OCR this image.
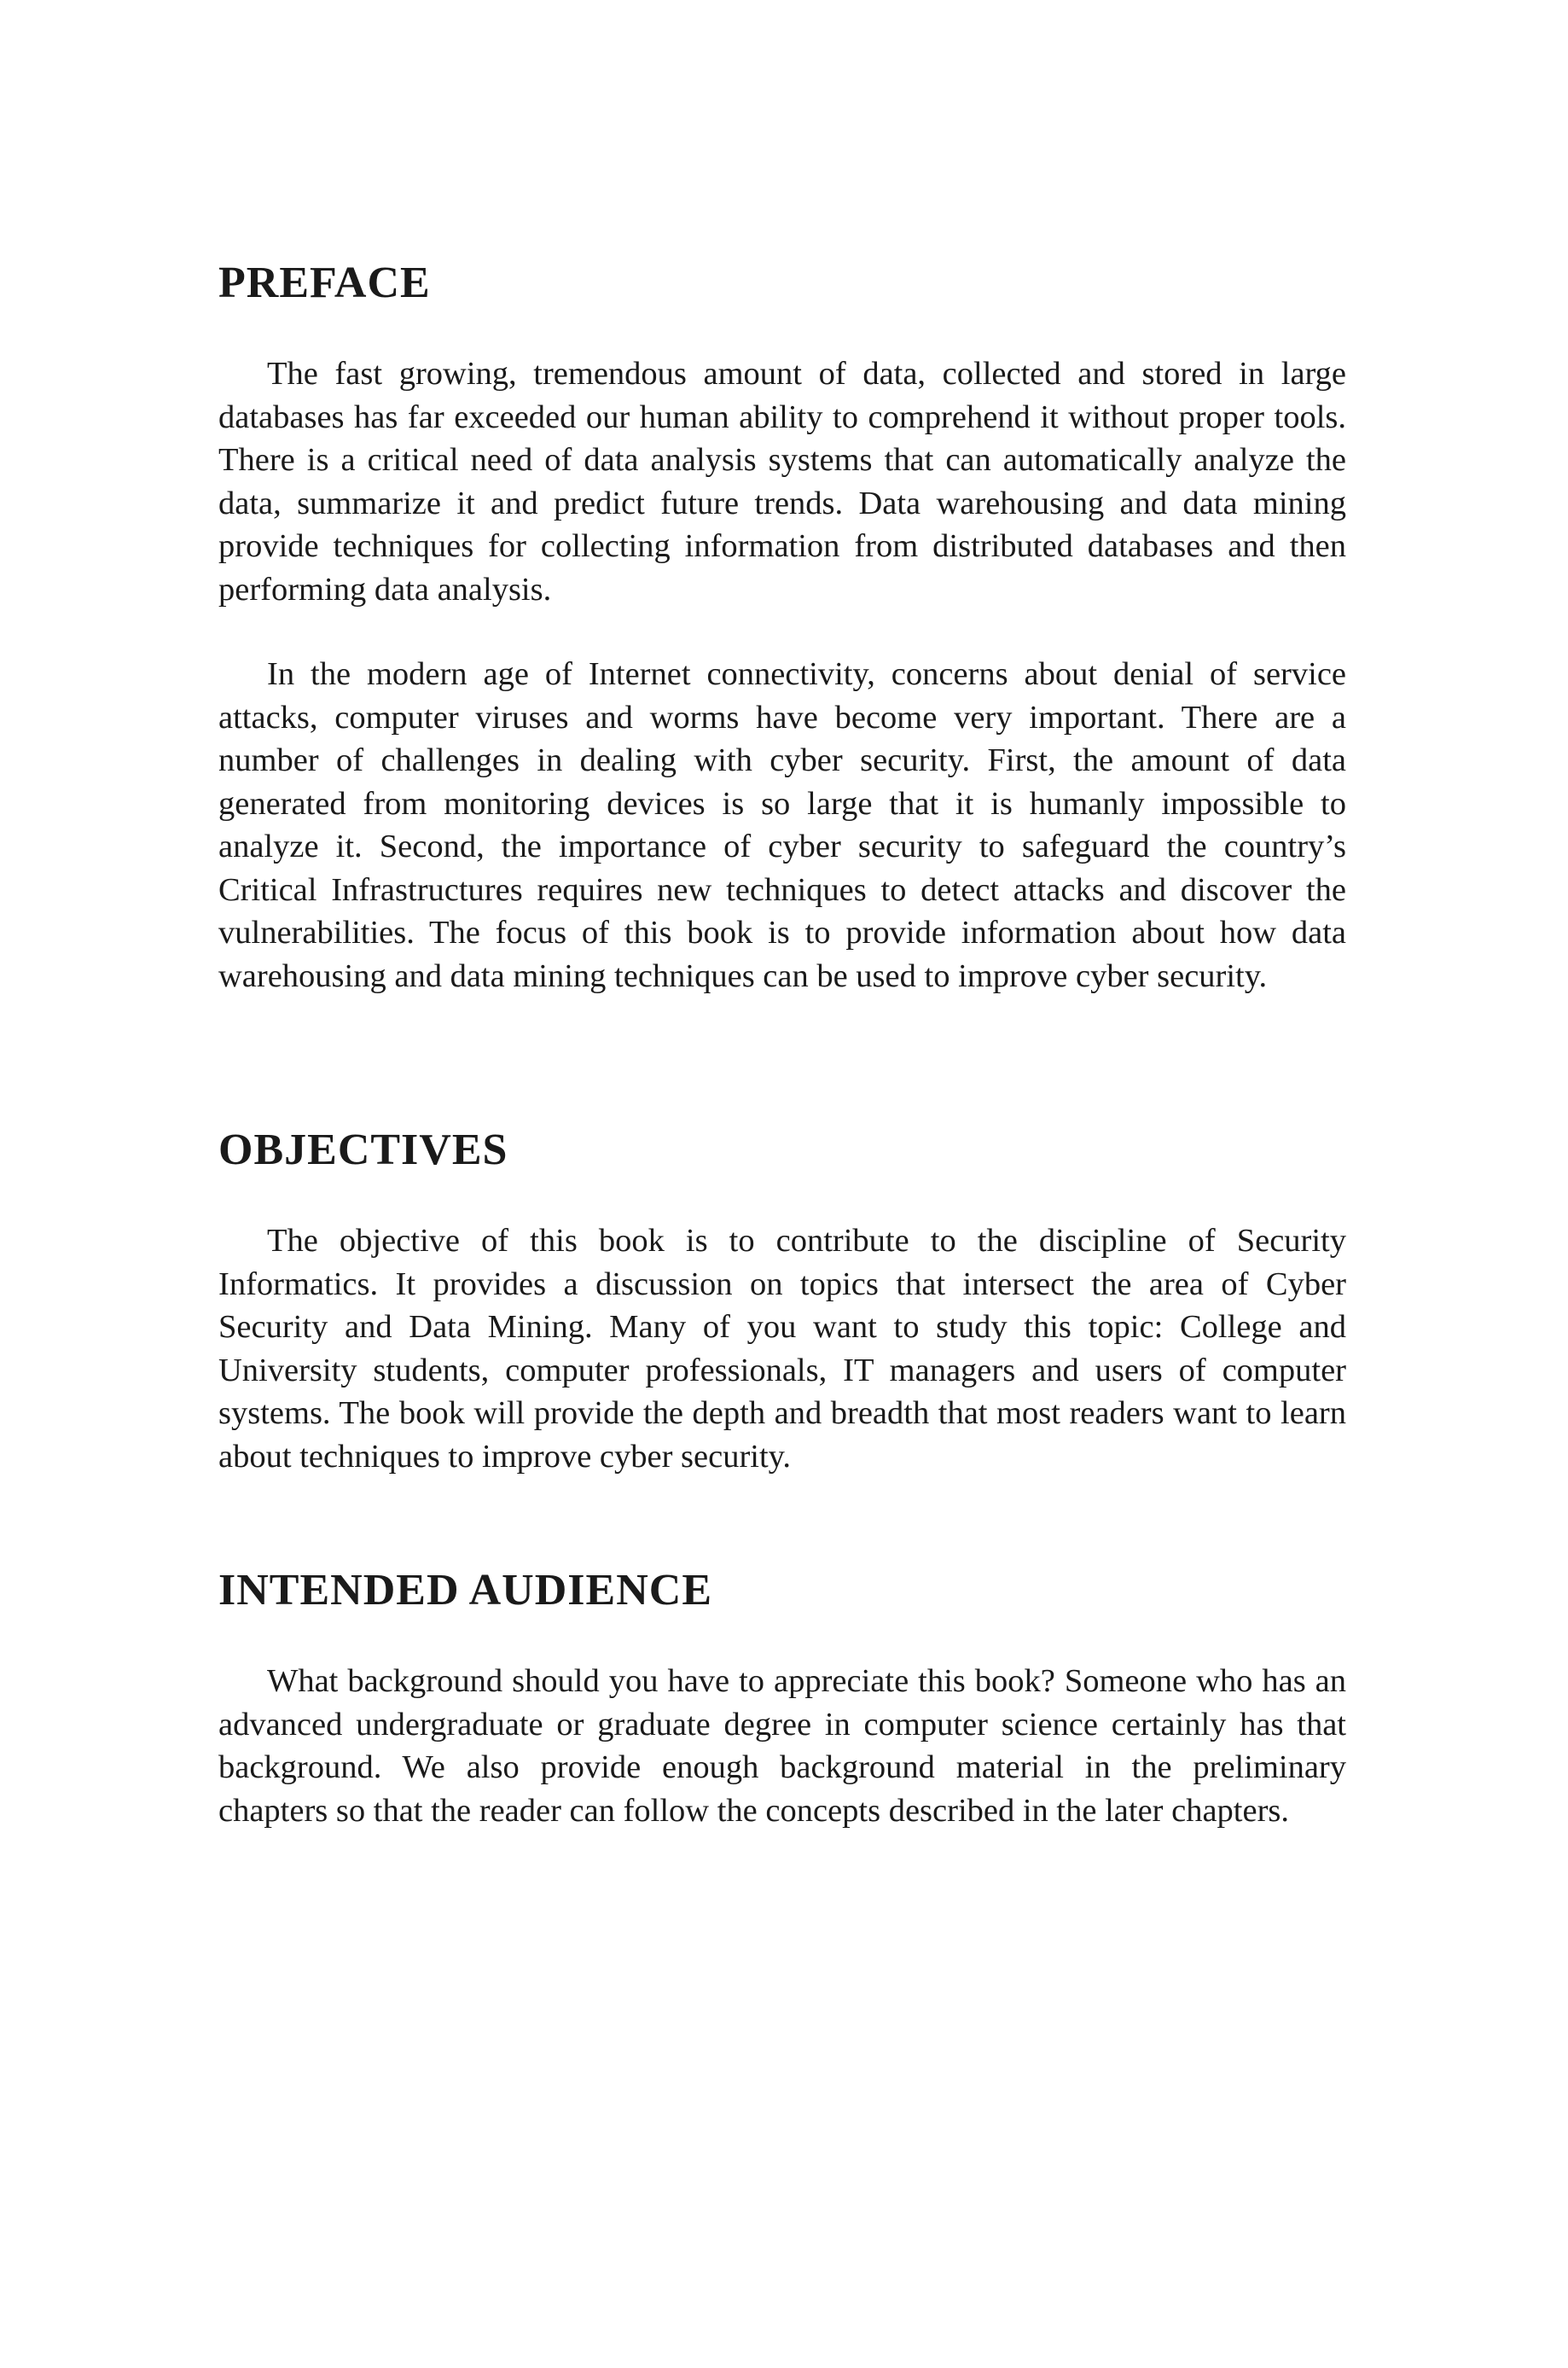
PREFACE

The fast growing, tremendous amount of data, collected and stored in large databases has far exceeded our human ability to comprehend it without proper tools. There is a critical need of data analysis systems that can automatically analyze the data, summarize it and predict future trends. Data warehousing and data mining provide techniques for collecting information from distributed databases and then performing data analysis.

In the modern age of Internet connectivity, concerns about denial of service attacks, computer viruses and worms have become very important. There are a number of challenges in dealing with cyber security. First, the amount of data generated from monitoring devices is so large that it is humanly impossible to analyze it. Second, the importance of cyber security to safeguard the country’s Critical Infrastructures requires new techniques to detect attacks and discover the vulnerabilities. The focus of this book is to provide information about how data warehousing and data mining techniques can be used to improve cyber security.

OBJECTIVES

The objective of this book is to contribute to the discipline of Security Informatics. It provides a discussion on topics that intersect the area of Cyber Security and Data Mining. Many of you want to study this topic: College and University students, computer professionals, IT managers and users of computer systems. The book will provide the depth and breadth that most readers want to learn about techniques to improve cyber security.

INTENDED AUDIENCE

What background should you have to appreciate this book? Someone who has an advanced undergraduate or graduate degree in computer science certainly has that background. We also provide enough background material in the preliminary chapters so that the reader can follow the concepts described in the later chapters.
